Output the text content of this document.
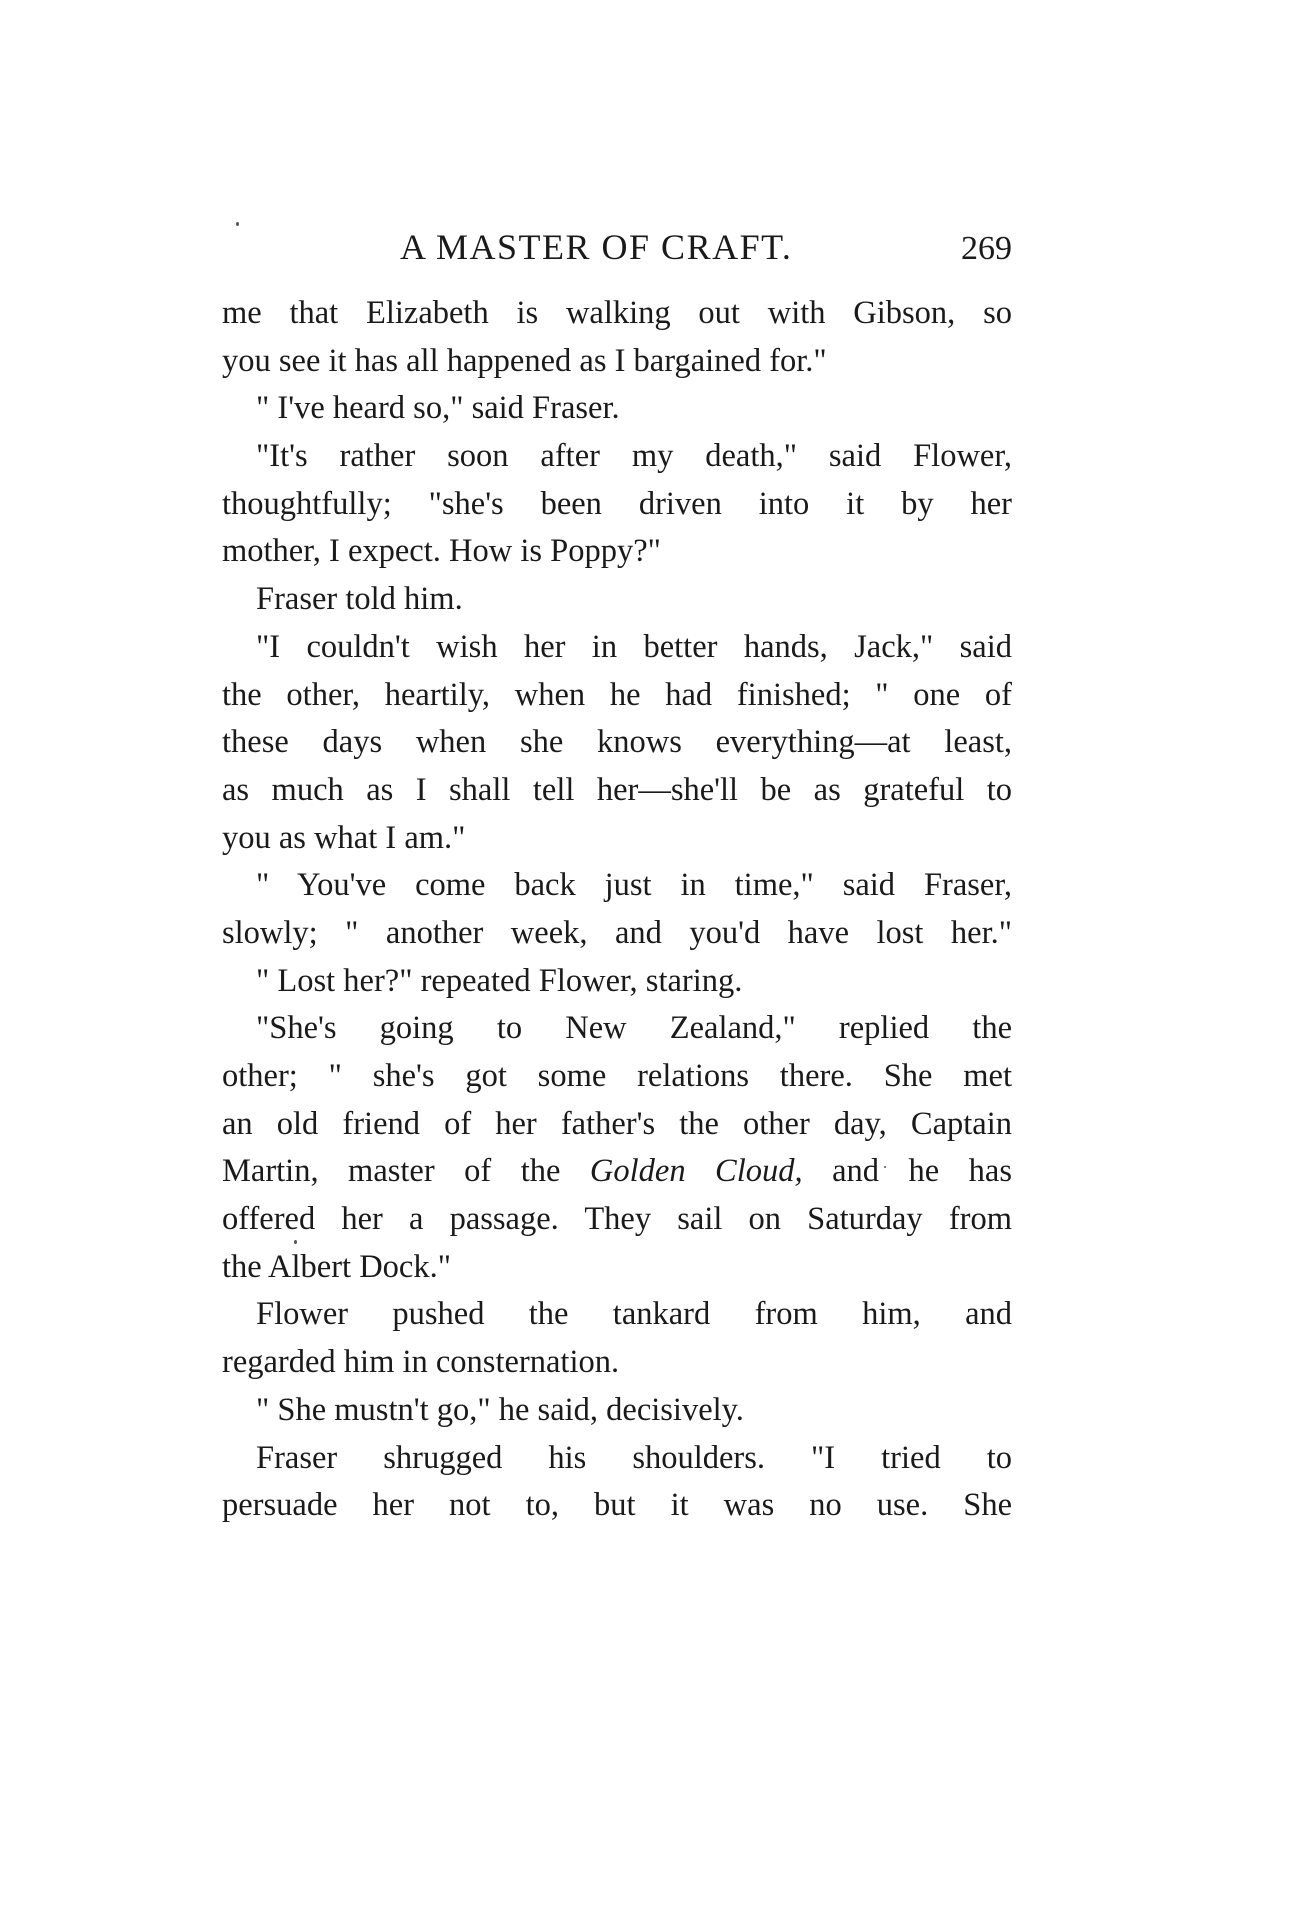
A MASTER OF CRAFT.	269
me that Elizabeth is walking out with Gibson, so
you see it has all happened as I bargained for."
" I've heard so," said Fraser.
"It's rather soon after my death," said Flower,
thoughtfully; "she's been driven into it by her
mother, I expect. How is Poppy?"
Fraser told him.
"I couldn't wish her in better hands, Jack," said
the other, heartily, when he had finished; " one of
these days when she knows everything—at least,
as much as I shall tell her—she'll be as grateful to
you as what I am."
" You've come back just in time," said Fraser,
slowly; " another week, and you'd have lost her."
" Lost her?" repeated Flower, staring.
"She's going to New Zealand," replied the
other; " she's got some relations there. She met
an old friend of her father's the other day, Captain
Martin, master of the Golden Cloud, and he has
offered her a passage. They sail on Saturday from
the Albert Dock."
Flower pushed the tankard from him, and
regarded him in consternation.
" She mustn't go," he said, decisively.
Fraser shrugged his shoulders. "I tried to
persuade her not to, but it was no use. She
